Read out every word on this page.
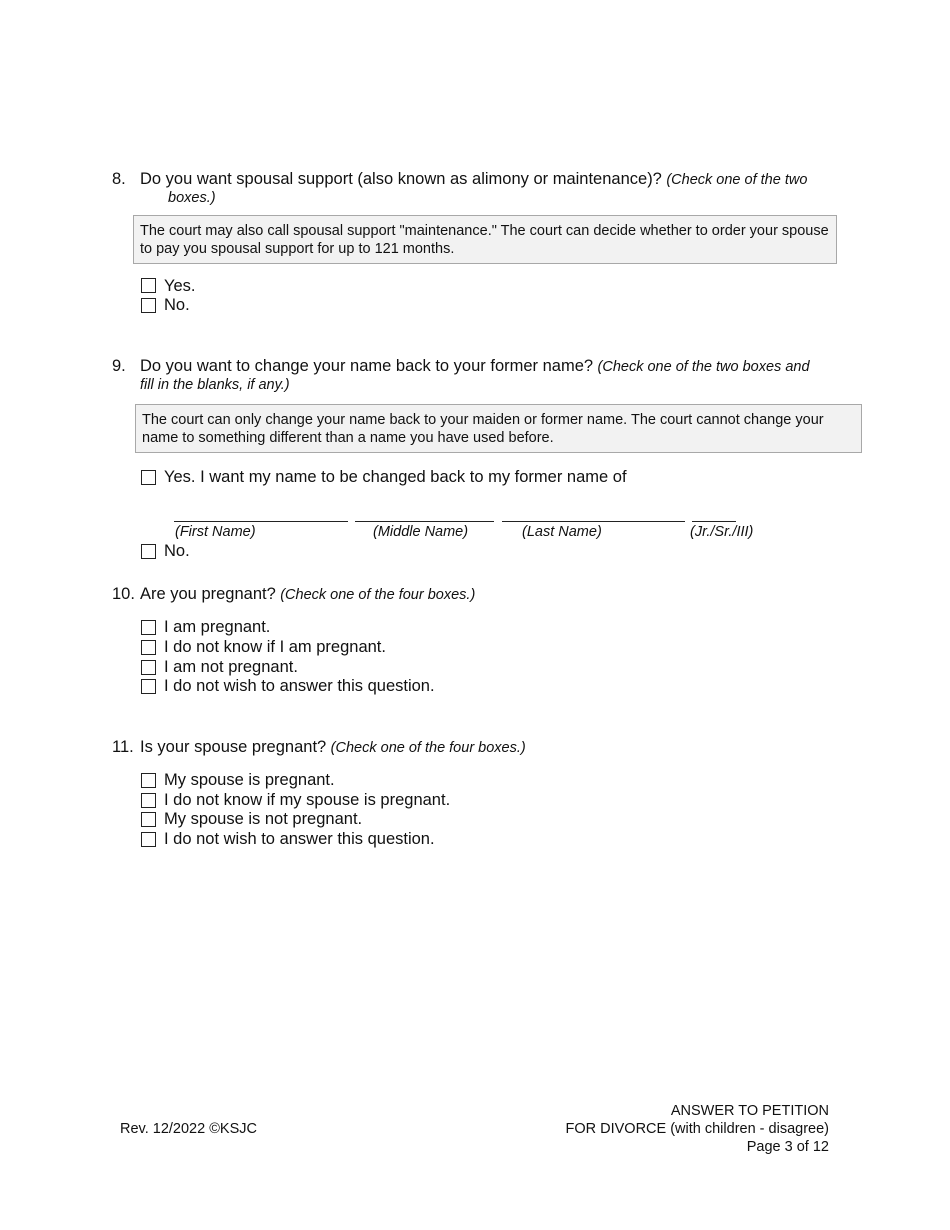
8. Do you want spousal support (also known as alimony or maintenance)? (Check one of the two
boxes.)
The court may also call spousal support "maintenance." The court can decide whether to order your spouse to pay you spousal support for up to 121 months.
Yes.
No.
9. Do you want to change your name back to your former name? (Check one of the two boxes and
fill in the blanks, if any.)
The court can only change your name back to your maiden or former name. The court cannot change your name to something different than a name you have used before.
Yes. I want my name to be changed back to my former name of
(First Name)	(Middle Name)	(Last Name)	(Jr./Sr./III)
No.
10. Are you pregnant? (Check one of the four boxes.)
I am pregnant.
I do not know if I am pregnant.
I am not pregnant.
I do not wish to answer this question.
11. Is your spouse pregnant? (Check one of the four boxes.)
My spouse is pregnant.
I do not know if my spouse is pregnant.
My spouse is not pregnant.
I do not wish to answer this question.
Rev. 12/2022 ©KSJC
ANSWER TO PETITION
FOR DIVORCE (with children - disagree)
Page 3 of 12
